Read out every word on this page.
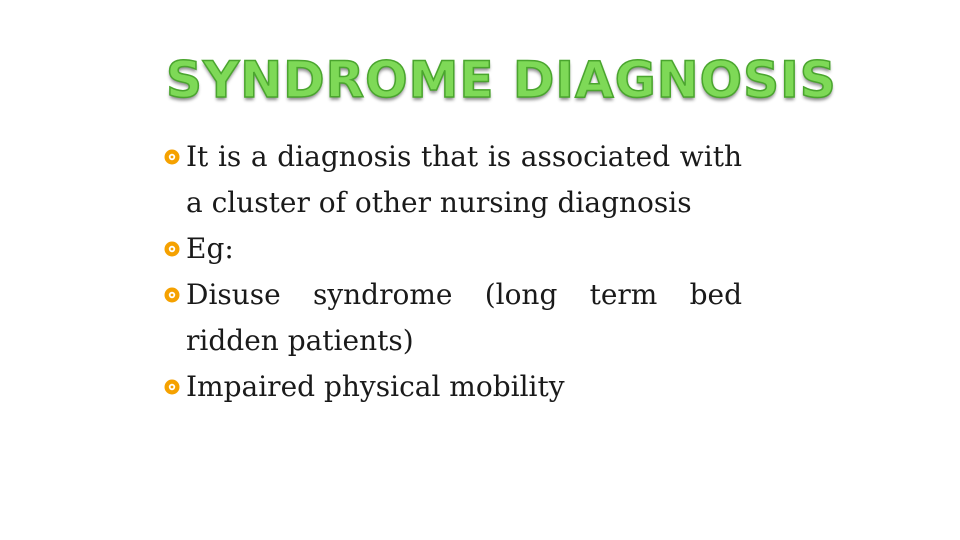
SYNDROME DIAGNOSIS
It is a diagnosis that is associated with a cluster of other nursing diagnosis
Eg:
Disuse syndrome (long term bed ridden patients)
Impaired physical mobility
